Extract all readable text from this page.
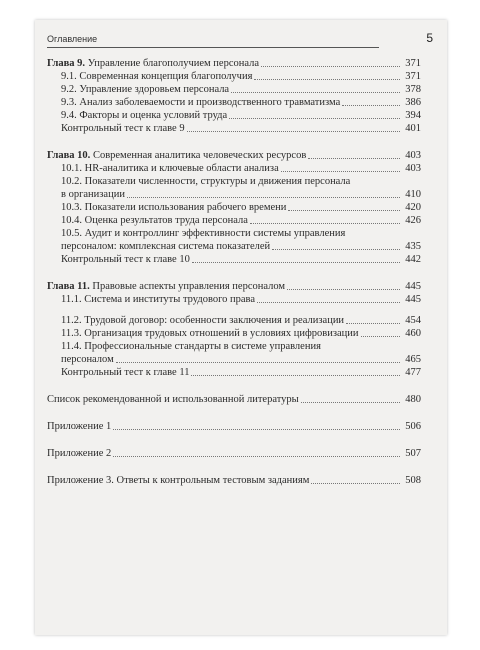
Оглавление	5
Глава 9. Управление благополучием персонала	371
9.1. Современная концепция благополучия	371
9.2. Управление здоровьем персонала	378
9.3. Анализ заболеваемости и производственного травматизма	386
9.4. Факторы и оценка условий труда	394
Контрольный тест к главе 9	401
Глава 10. Современная аналитика человеческих ресурсов	403
10.1. HR-аналитика и ключевые области анализа	403
10.2. Показатели численности, структуры и движения персонала
в организации	410
10.3. Показатели использования рабочего времени	420
10.4. Оценка результатов труда персонала	426
10.5. Аудит и контроллинг эффективности системы управления
персоналом: комплексная система показателей	435
Контрольный тест к главе 10	442
Глава 11. Правовые аспекты управления персоналом	445
11.1. Система и институты трудового права	445
11.2. Трудовой договор: особенности заключения и реализации	454
11.3. Организация трудовых отношений в условиях цифровизации	460
11.4. Профессиональные стандарты в системе управления
персоналом	465
Контрольный тест к главе 11	477
Список рекомендованной и использованной литературы	480
Приложение 1	506
Приложение 2	507
Приложение 3. Ответы к контрольным тестовым заданиям	508
